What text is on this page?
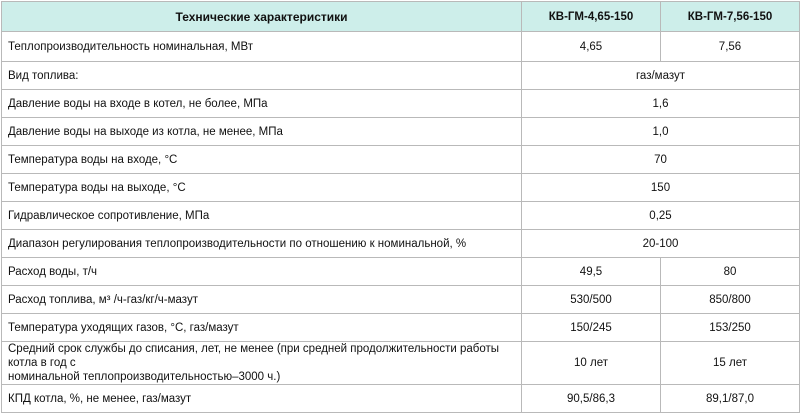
Технические характеристики	КВ-ГМ-4,65-150	КВ-ГМ-7,56-150
Теплопроизводительность номинальная, МВт	4,65	7,56
Вид топлива:	газ/мазут	
Давление воды на входе в котел, не более, МПа	1,6	
Давление воды на выходе из котла, не менее, МПа	1,0	
Температура воды на входе, °C	70	
Температура воды на выходе, °C	150	
Гидравлическое сопротивление, МПа	0,25	
Диапазон регулирования теплопроизводительности по отношению к номинальной, %	20-100	
Расход воды, т/ч	49,5	80
Расход топлива, м³ /ч-газ/кг/ч-мазут	530/500	850/800
Температура уходящих газов, °C, газ/мазут	150/245	153/250

Средний срок службы до списания, лет, не менее (при средней продолжительности работы котла в год с
номинальной теплопроизводительностью–3000 ч.)	10 лет	15 лет
КПД котла, %, не менее, газ/мазут	90,5/86,3	89,1/87,0
